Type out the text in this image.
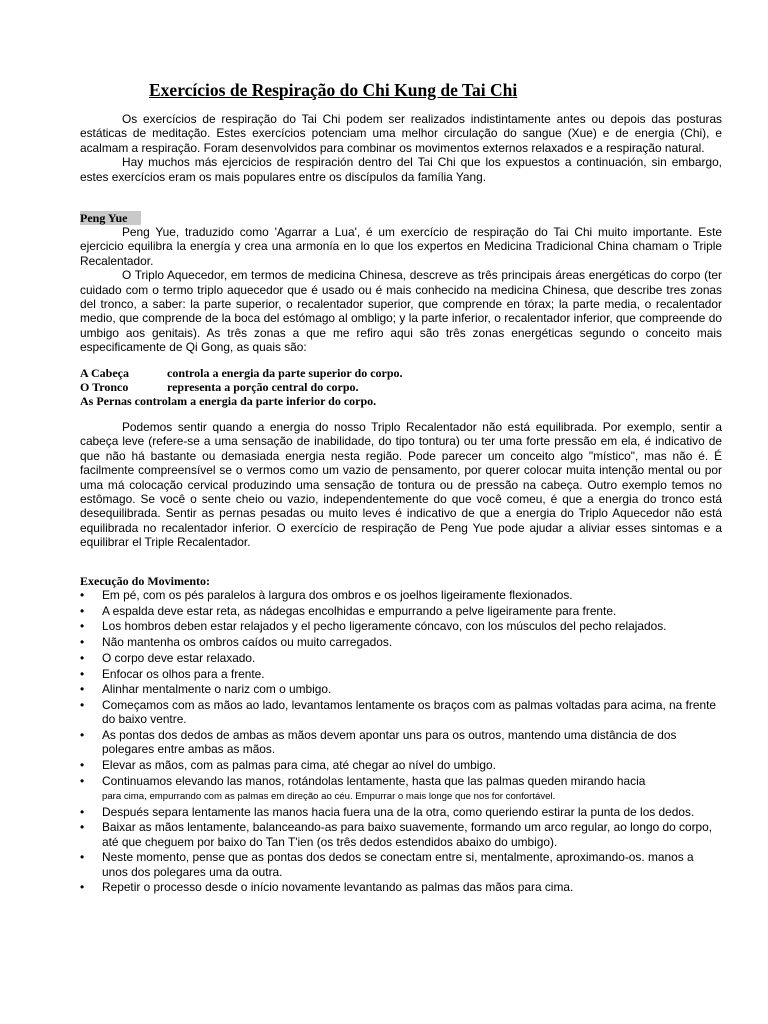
Exercícios de Respiração do Chi Kung de Tai Chi

Os exercícios de respiração do Tai Chi podem ser realizados indistintamente antes ou depois das posturas estáticas de meditação. Estes exercícios potenciam uma melhor circulação do sangue (Xue) e de energia (Chi), e acalmam a respiração. Foram desenvolvidos para combinar os movimentos externos relaxados e a respiração natural.

Hay muchos más ejercicios de respiración dentro del Tai Chi que los expuestos a continuación, sin embargo, estes exercícios eram os mais populares entre os discípulos da família Yang.

Peng Yue

Peng Yue, traduzido como 'Agarrar a Lua', é um exercício de respiração do Tai Chi muito importante. Este ejercicio equilibra la energía y crea una armonía en lo que los expertos en Medicina Tradicional China chamam o Triple Recalentador.

O Triplo Aquecedor, em termos de medicina Chinesa, descreve as três principais áreas energéticas do corpo (ter cuidado com o termo triplo aquecedor que é usado ou é mais conhecido na medicina Chinesa, que describe tres zonas del tronco, a saber: la parte superior, o recalentador superior, que comprende en tórax; la parte media, o recalentador medio, que comprende de la boca del estómago al ombligo; y la parte inferior, o recalentador inferior, que compreende do umbigo aos genitais). As três zonas a que me refiro aqui são três zonas energéticas segundo o conceito mais especificamente de Qi Gong, as quais são:

A Cabeça	controla a energia da parte superior do corpo.

O Tronco	representa a porção central do corpo.

As Pernas controlam a energia da parte inferior do corpo.

Podemos sentir quando a energia do nosso Triplo Recalentador não está equilibrada. Por exemplo, sentir a cabeça leve (refere-se a uma sensação de inabilidade, do tipo tontura) ou ter uma forte pressão em ela, é indicativo de que não há bastante ou demasiada energia nesta região. Pode parecer um conceito algo "místico", mas não é. É facilmente compreensível se o vermos como um vazio de pensamento, por querer colocar muita intenção mental ou por uma má colocação cervical produzindo uma sensação de tontura ou de pressão na cabeça. Outro exemplo temos no estômago. Se você o sente cheio ou vazio, independentemente do que você comeu, é que a energia do tronco está desequilibrada. Sentir as pernas pesadas ou muito leves é indicativo de que a energia do Triplo Aquecedor não está equilibrada no recalentador inferior. O exercício de respiração de Peng Yue pode ajudar a aliviar esses sintomas e a equilibrar el Triple Recalentador.

Execução do Movimento:
• Em pé, com os pés paralelos à largura dos ombros e os joelhos ligeiramente flexionados.
• A espalda deve estar reta, as nádegas encolhidas e empurrando a pelve ligeiramente para frente.
• Los hombros deben estar relajados y el pecho ligeramente cóncavo, con los músculos del pecho relajados.
• Não mantenha os ombros caídos ou muito carregados.
• O corpo deve estar relaxado.
• Enfocar os olhos para a frente.
• Alinhar mentalmente o nariz com o umbigo.
• Começamos com as mãos ao lado, levantamos lentamente os braços com as palmas voltadas para acima, na frente do baixo ventre.
• As pontas dos dedos de ambas as mãos devem apontar uns para os outros, mantendo uma distância de dos polegares entre ambas as mãos.
• Elevar as mãos, com as palmas para cima, até chegar ao nível do umbigo.
• Continuamos elevando las manos, rotándolas lentamente, hasta que las palmas queden mirando hacia
para cima, empurrando com as palmas em direção ao céu. Empurrar o mais longe que nos for confortável.
• Después separa lentamente las manos hacia fuera una de la otra, como queriendo estirar la punta de los dedos.
• Baixar as mãos lentamente, balanceando-as para baixo suavemente, formando um arco regular, ao longo do corpo, até que cheguem por baixo do Tan T'ien (os três dedos estendidos abaixo do umbigo).
• Neste momento, pense que as pontas dos dedos se conectam entre si, mentalmente, aproximando-os. manos a unos dos polegares uma da outra.
• Repetir o processo desde o início novamente levantando as palmas das mãos para cima.
